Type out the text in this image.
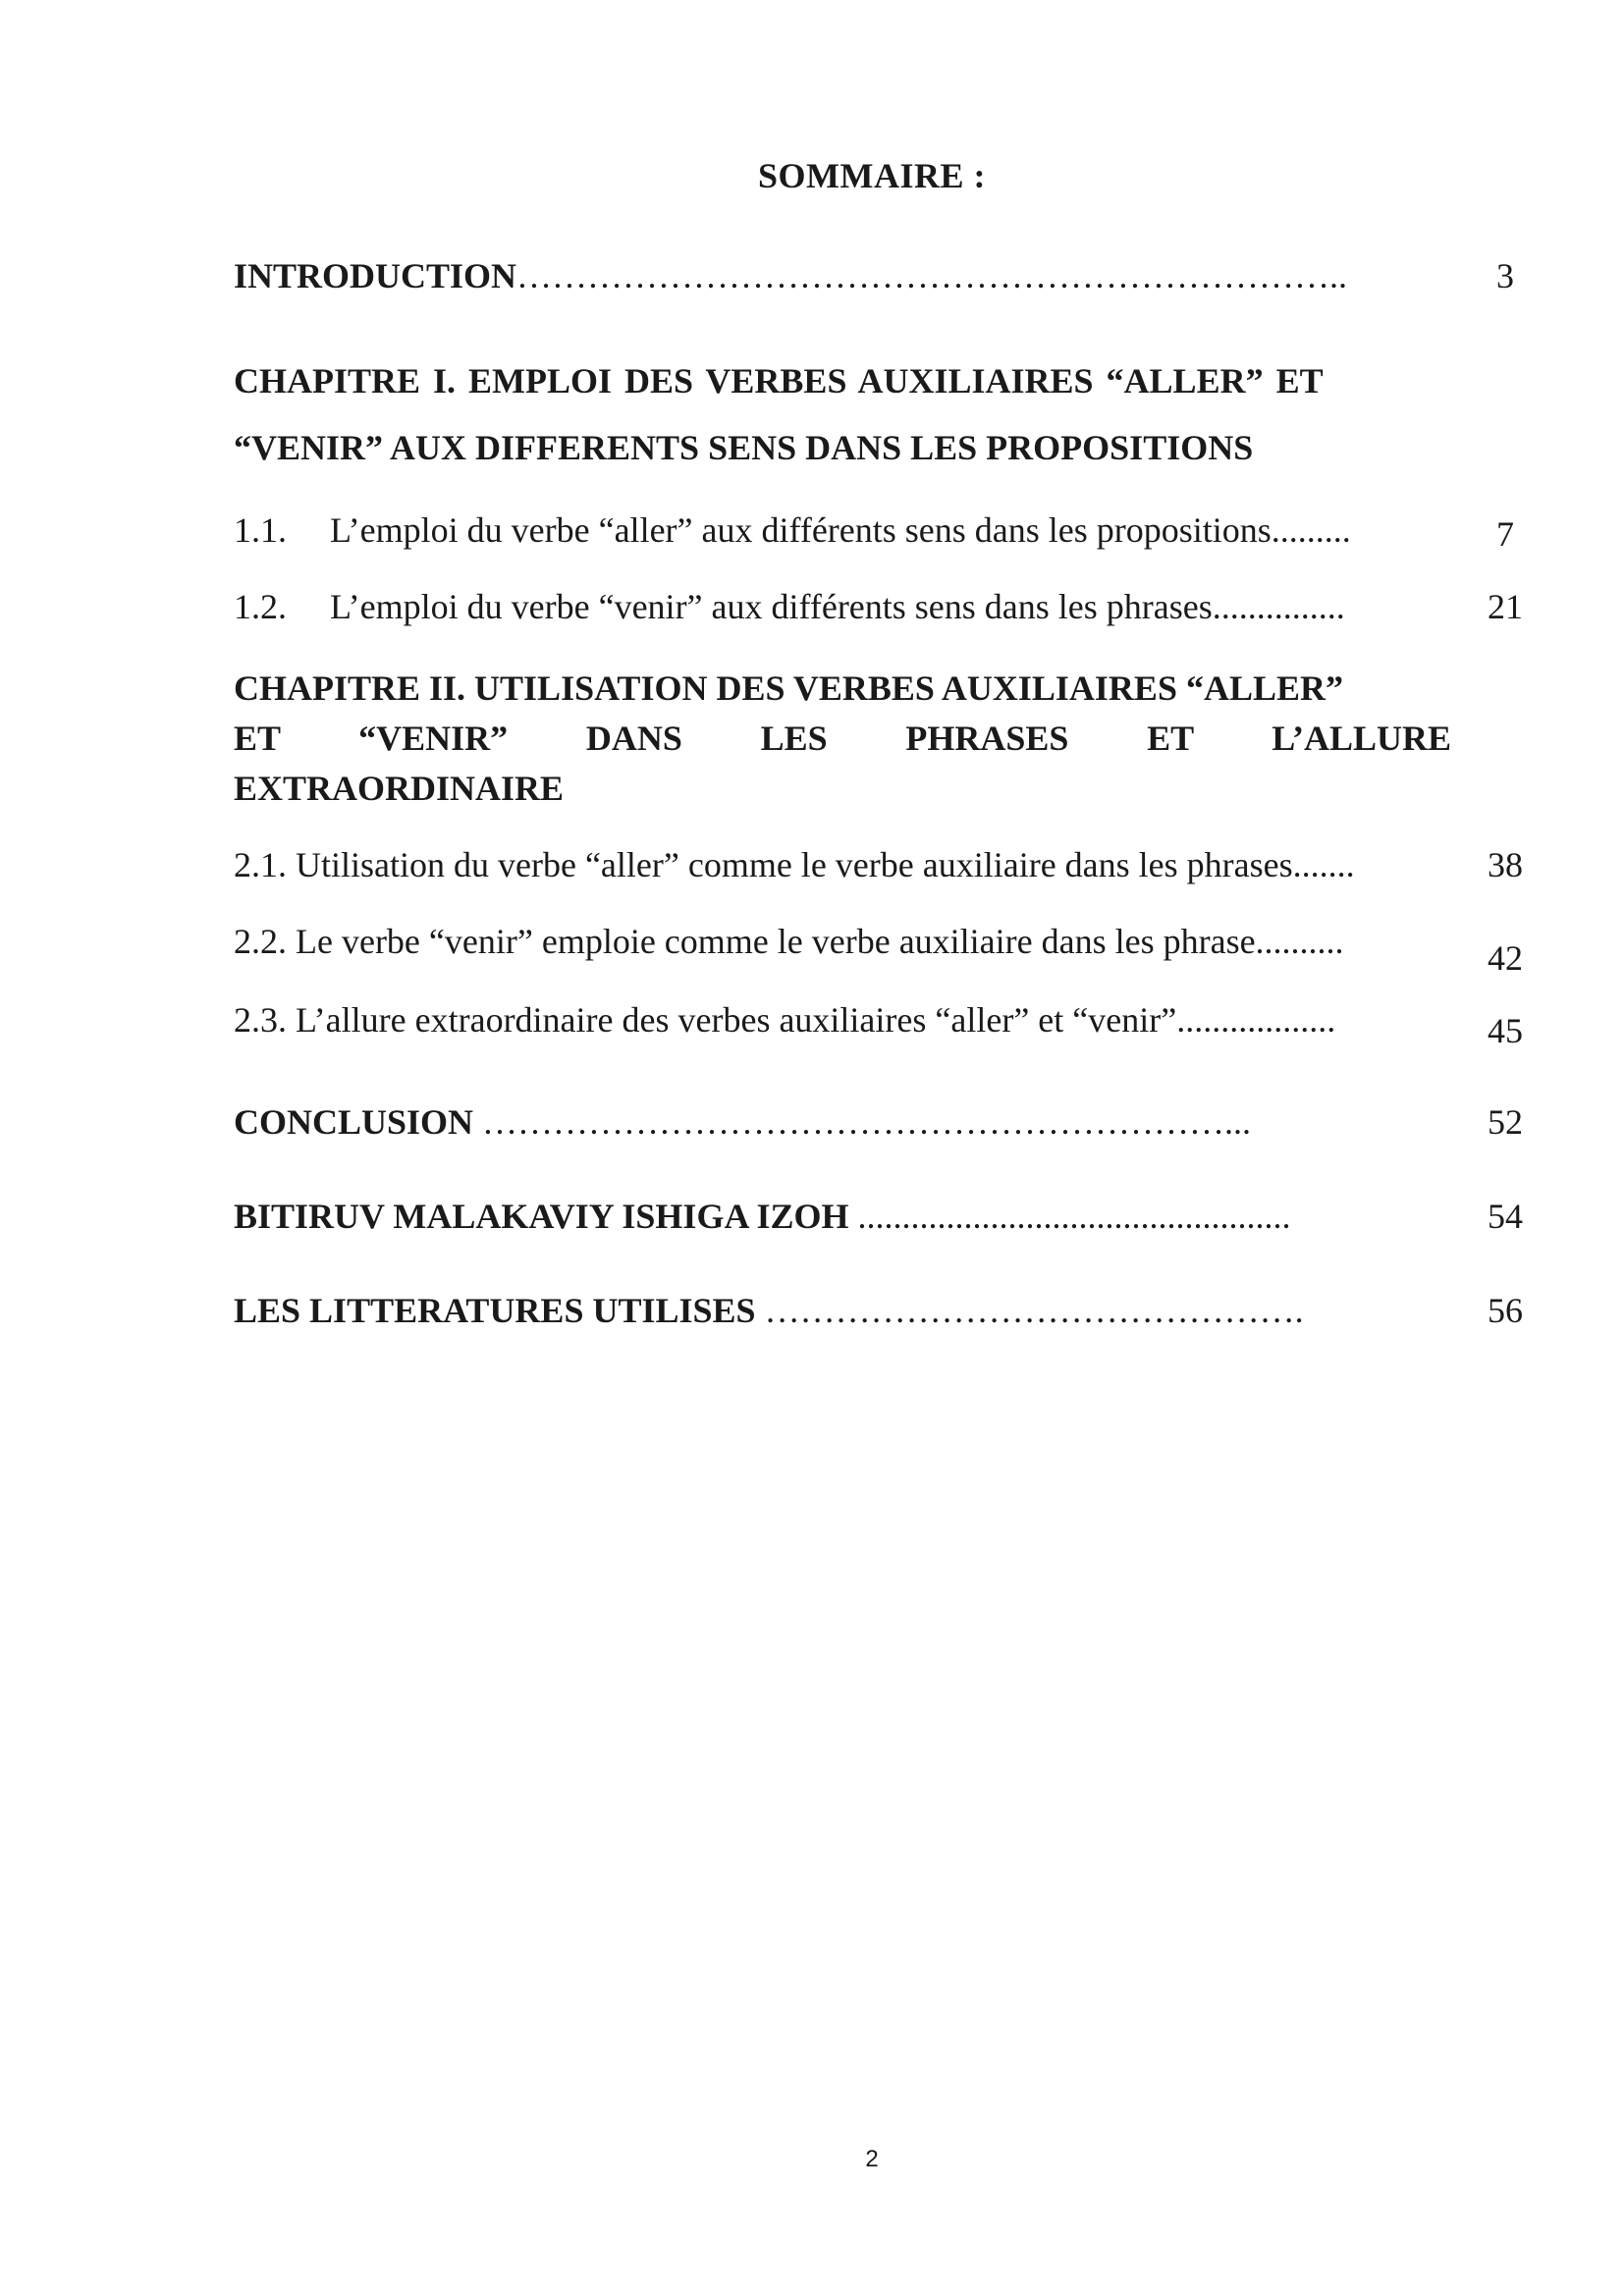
SOMMAIRE :
INTRODUCTION……………………………………………………………..	3
CHAPITRE I. EMPLOI DES VERBES AUXILIAIRES “ALLER” ET
“VENIR” AUX DIFFERENTS SENS DANS LES PROPOSITIONS
1.1. L’emploi du verbe “aller” aux différents sens dans les propositions.........	7
1.2. L’emploi du verbe “venir” aux différents sens dans les phrases...............	21
CHAPITRE II. UTILISATION DES VERBES AUXILIAIRES “ALLER”
ET “VENIR” DANS LES PHRASES ET L’ALLURE
EXTRAORDINAIRE
2.1. Utilisation du verbe “aller” comme le verbe auxiliaire dans les phrases.......	38
2.2. Le verbe “venir” emploie comme le verbe auxiliaire dans les phrase..........	42
2.3. L’allure extraordinaire des verbes auxiliaires “aller” et “venir”..................	45
CONCLUSION ………………………………………………………...	52
BITIRUV MALAKAVIY ISHIGA IZOH .................................................	54
LES LITTERATURES UTILISES ……………………………………….	56
2
